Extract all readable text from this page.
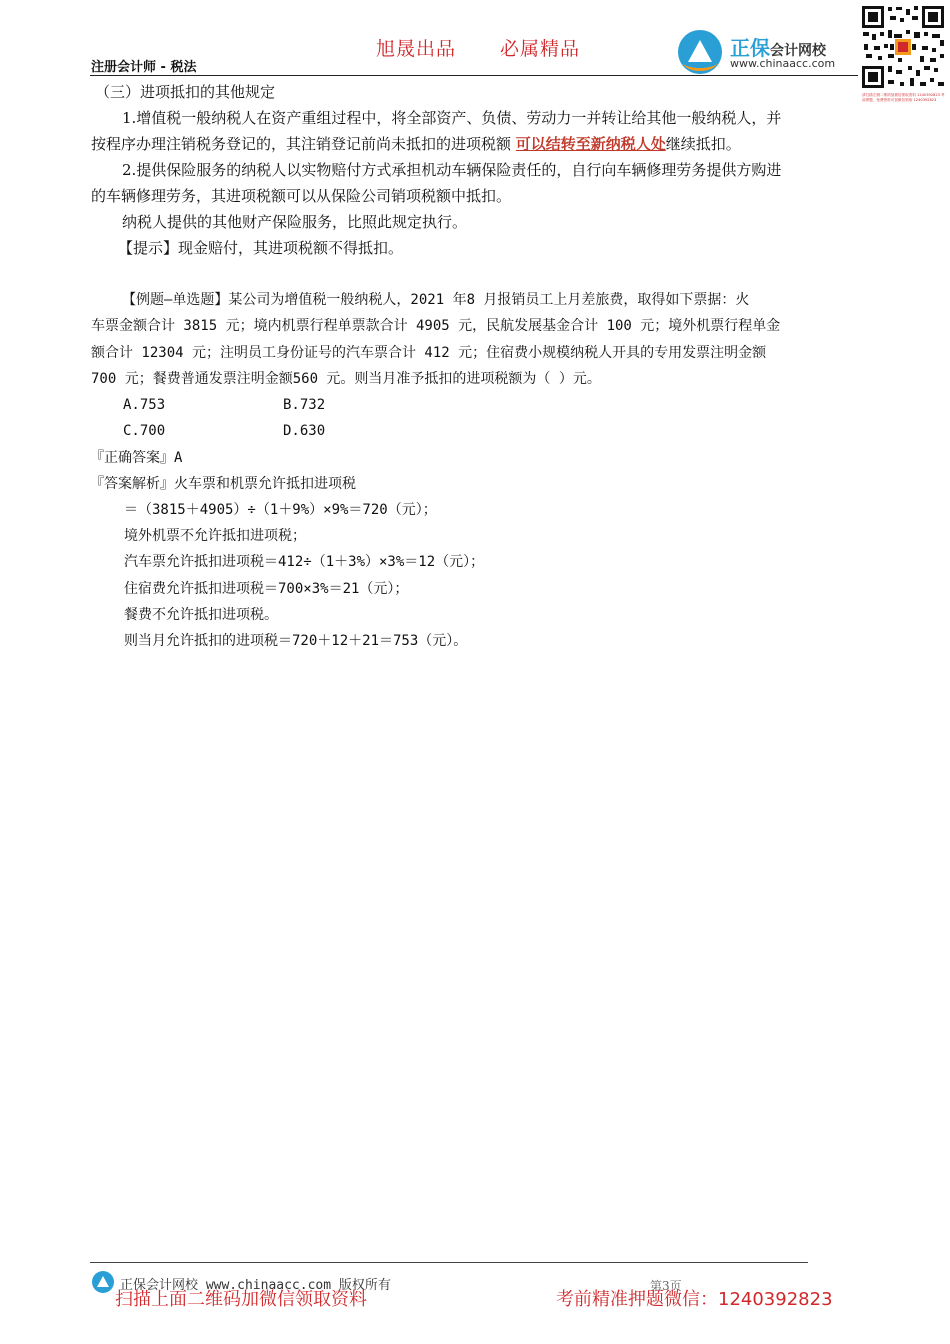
旭晟出品 必属精品	正保会计网校
www.chinaacc.com
请扫描左侧二维码加微信领取资料 1240392823 考前押题，免费资料可加微信领取 1240392823
注册会计师 - 税法
（三）进项抵扣的其他规定
1.增值税一般纳税人在资产重组过程中，将全部资产、负债、劳动力一并转让给其他一般纳税人，并
按程序办理注销税务登记的，其注销登记前尚未抵扣的进项税额 可以结转至新纳税人处继续抵扣。
2.提供保险服务的纳税人以实物赔付方式承担机动车辆保险责任的，自行向车辆修理劳务提供方购进
的车辆修理劳务，其进项税额可以从保险公司销项税额中抵扣。
纳税人提供的其他财产保险服务，比照此规定执行。
【提示】现金赔付，其进项税额不得抵扣。
【例题—单选题】某公司为增值税一般纳税人，2021 年8 月报销员工上月差旅费，取得如下票据：火
车票金额合计 3815 元；境内机票行程单票款合计 4905 元，民航发展基金合计 100 元；境外机票行程单金
额合计 12304 元；注明员工身份证号的汽车票合计 412 元；住宿费小规模纳税人开具的专用发票注明金额
700 元；餐费普通发票注明金额560 元。则当月准予抵扣的进项税额为（ ）元。
A.753	B.732
C.700	D.630
『正确答案』A
『答案解析』火车票和机票允许抵扣进项税
＝（3815＋4905）÷（1＋9%）×9%＝720（元）；
境外机票不允许抵扣进项税；
汽车票允许抵扣进项税＝412÷（1＋3%）×3%＝12（元）；
住宿费允许抵扣进项税＝700×3%＝21（元）；
餐费不允许抵扣进项税。
则当月允许抵扣的进项税＝720＋12＋21＝753（元）。
正保会计网校 www.chinaacc.com 版权所有	第3页
扫描上面二维码加微信领取资料	考前精准押题微信：1240392823
